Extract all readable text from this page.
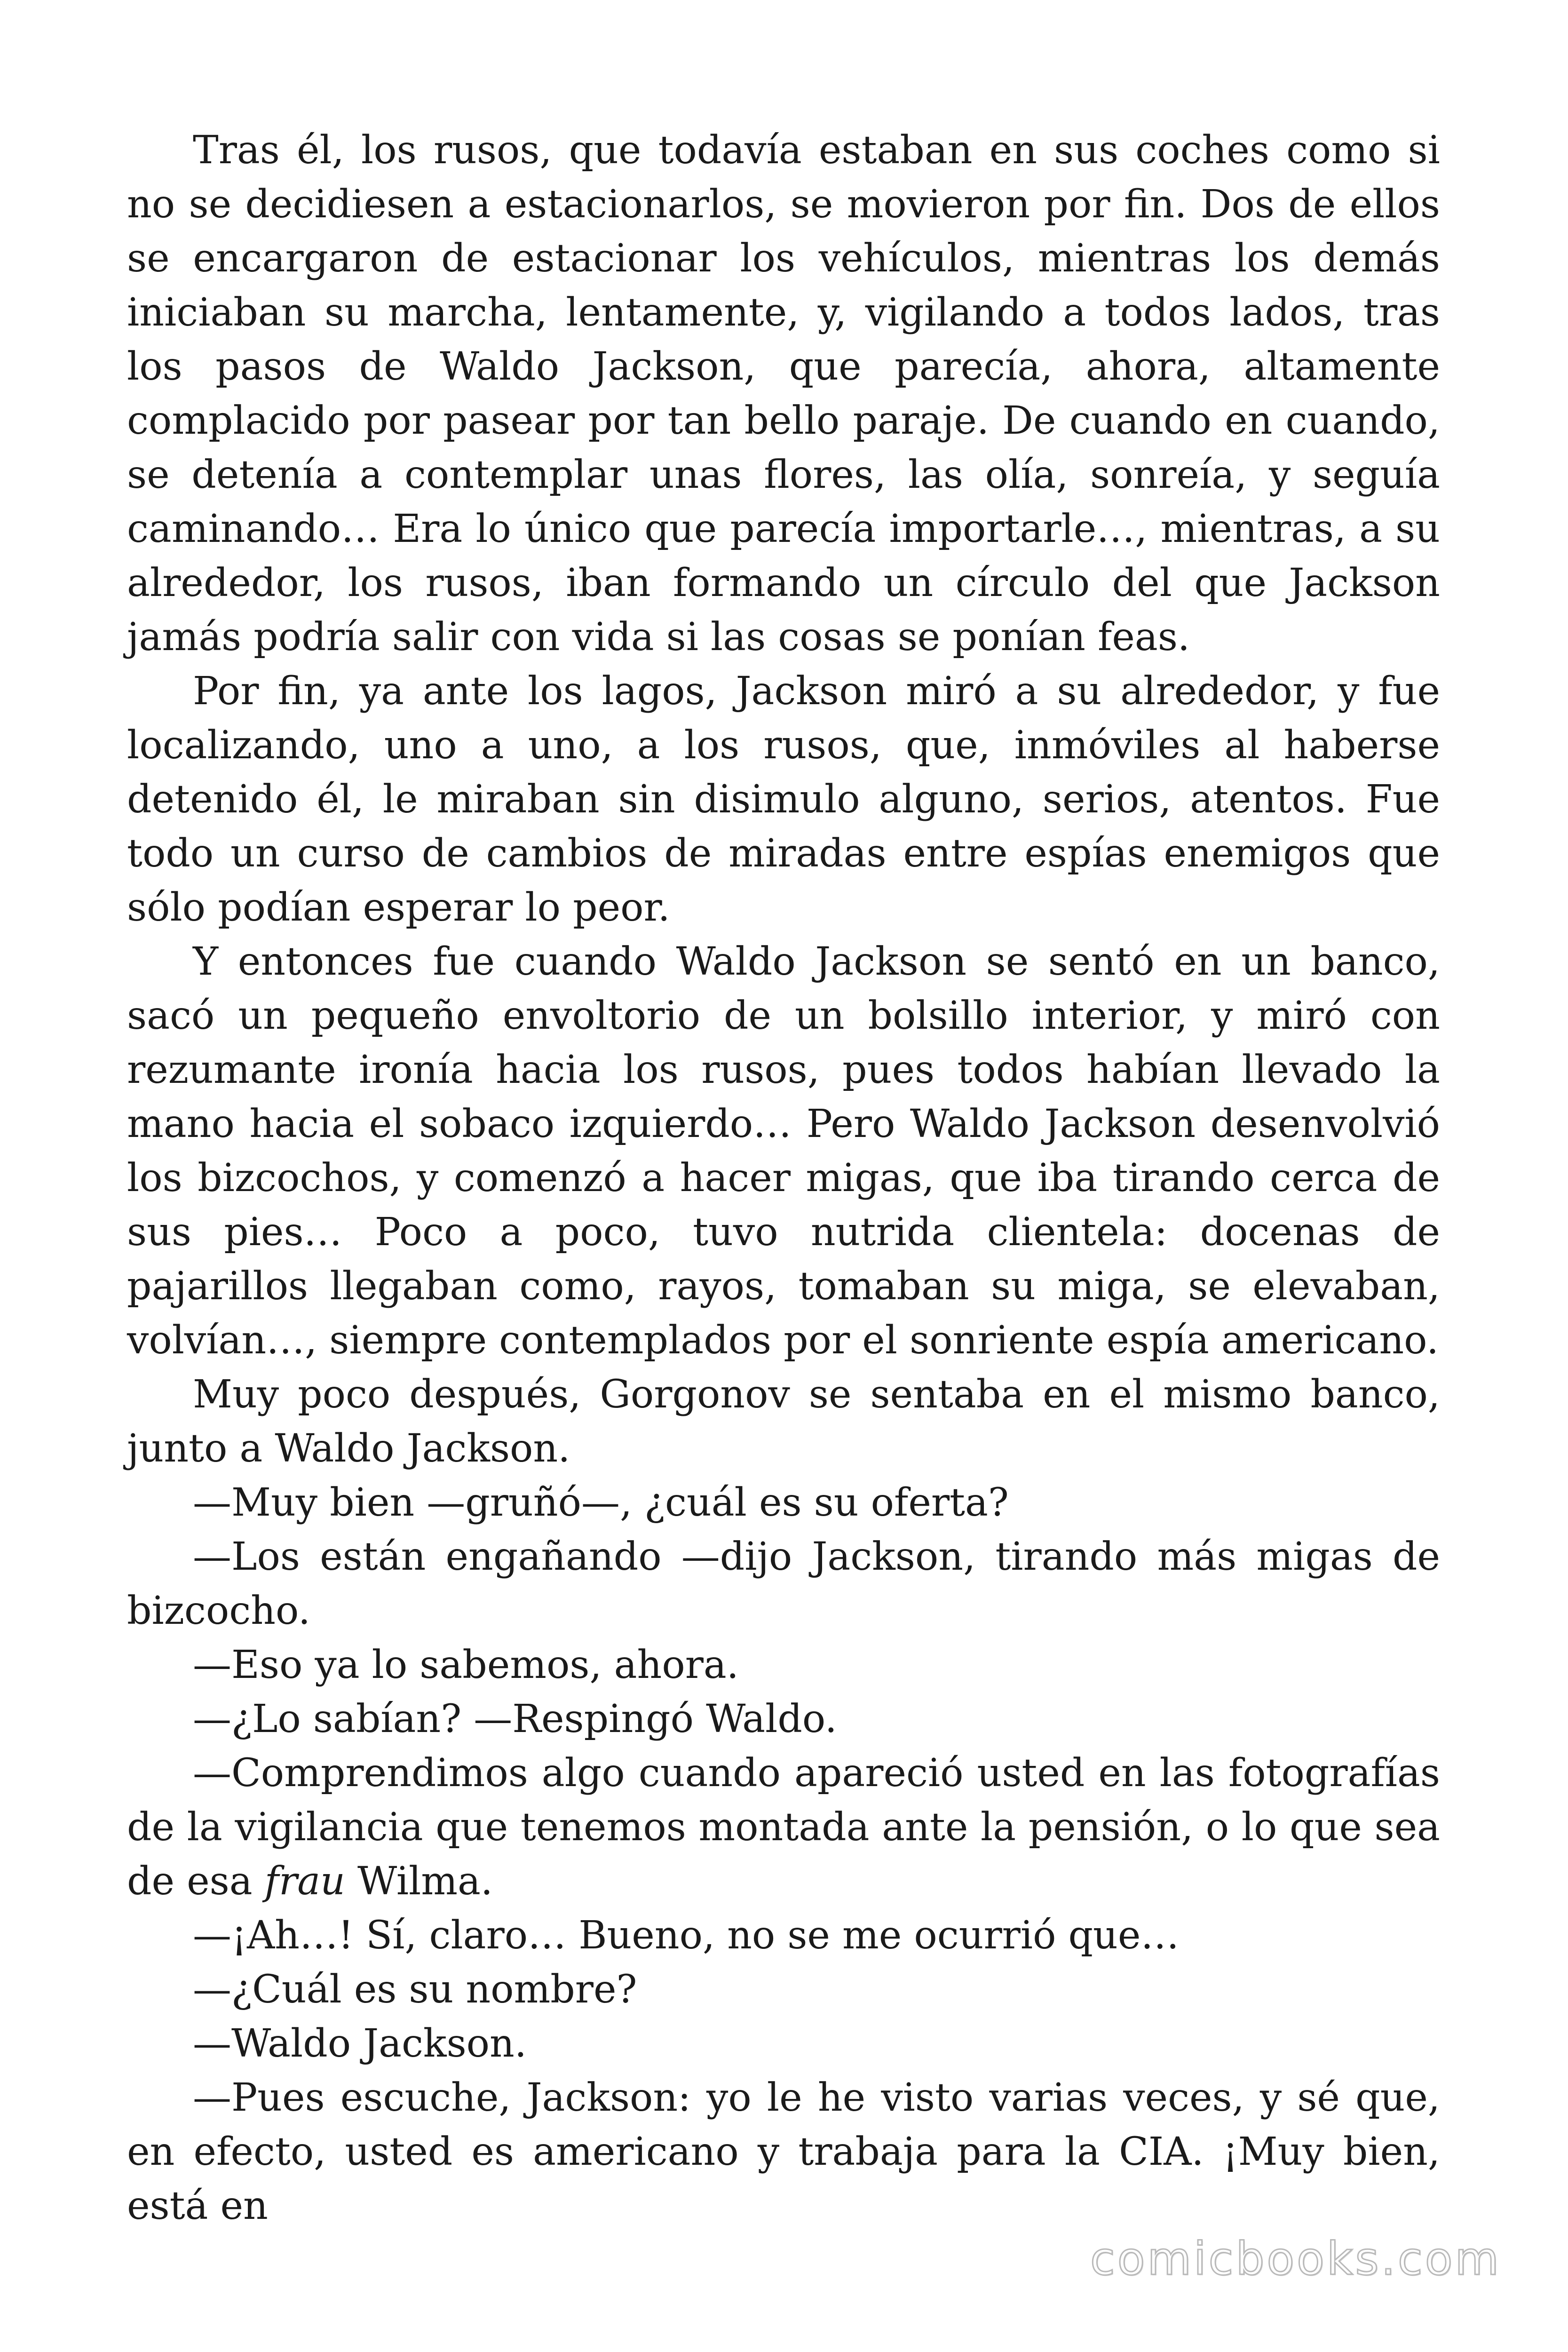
Tras él, los rusos, que todavía estaban en sus coches como si no se decidiesen a estacionarlos, se movieron por fin. Dos de ellos se encargaron de estacionar los vehículos, mientras los demás iniciaban su marcha, lentamente, y, vigilando a todos lados, tras los pasos de Waldo Jackson, que parecía, ahora, altamente complacido por pasear por tan bello paraje. De cuando en cuando, se detenía a contemplar unas flores, las olía, sonreía, y seguía caminando… Era lo único que parecía importarle…, mientras, a su alrededor, los rusos, iban formando un círculo del que Jackson jamás podría salir con vida si las cosas se ponían feas.

Por fin, ya ante los lagos, Jackson miró a su alrededor, y fue localizando, uno a uno, a los rusos, que, inmóviles al haberse detenido él, le miraban sin disimulo alguno, serios, atentos. Fue todo un curso de cambios de miradas entre espías enemigos que sólo podían esperar lo peor.

Y entonces fue cuando Waldo Jackson se sentó en un banco, sacó un pequeño envoltorio de un bolsillo interior, y miró con rezumante ironía hacia los rusos, pues todos habían llevado la mano hacia el sobaco izquierdo… Pero Waldo Jackson desenvolvió los bizcochos, y comenzó a hacer migas, que iba tirando cerca de sus pies… Poco a poco, tuvo nutrida clientela: docenas de pajarillos llegaban como, rayos, tomaban su miga, se elevaban, volvían…, siempre contemplados por el sonriente espía americano.

Muy poco después, Gorgonov se sentaba en el mismo banco, junto a Waldo Jackson.

—Muy bien —gruñó—, ¿cuál es su oferta?

—Los están engañando —dijo Jackson, tirando más migas de bizcocho.

—Eso ya lo sabemos, ahora.

—¿Lo sabían? —Respingó Waldo.

—Comprendimos algo cuando apareció usted en las fotografías de la vigilancia que tenemos montada ante la pensión, o lo que sea de esa frau Wilma.

—¡Ah…! Sí, claro… Bueno, no se me ocurrió que…

—¿Cuál es su nombre?

—Waldo Jackson.

—Pues escuche, Jackson: yo le he visto varias veces, y sé que, en efecto, usted es americano y trabaja para la CIA. ¡Muy bien, está en

comicbooks.com
